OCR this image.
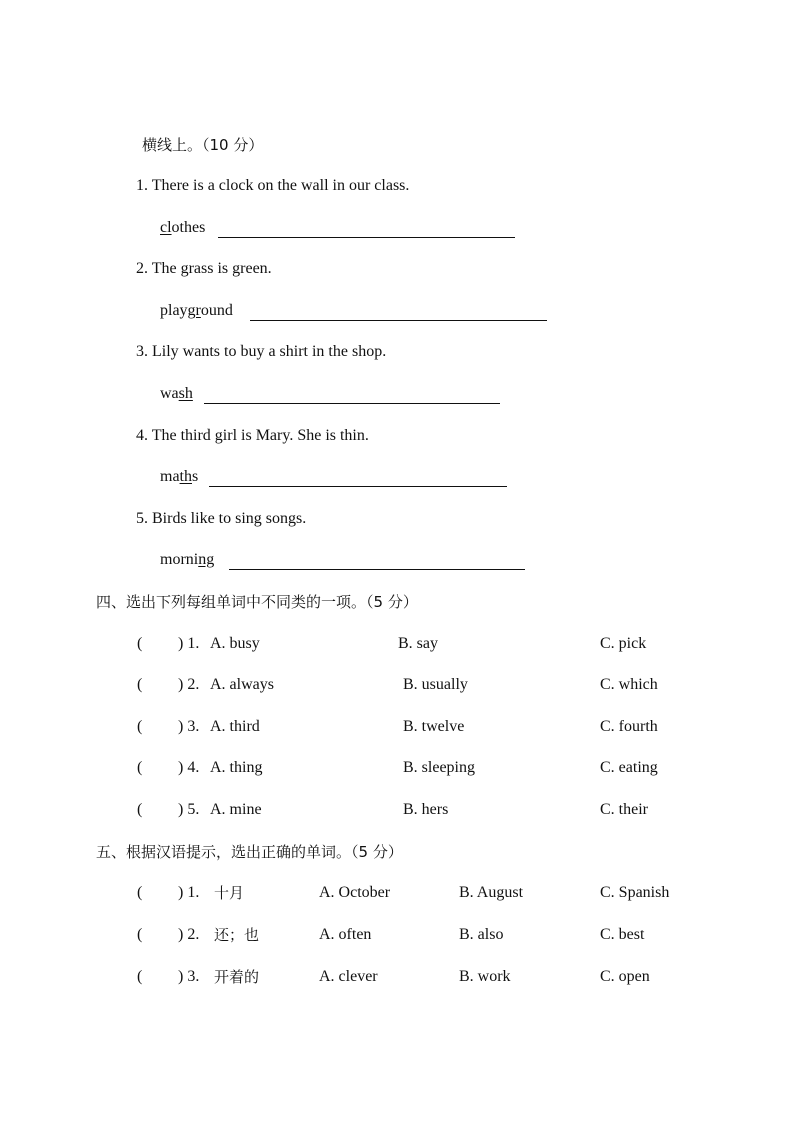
横线上。（10 分）
1. There is a clock on the wall in our class.
clothes
2. The grass is green.
playground
3. Lily wants to buy a shirt in the shop.
wash
4. The third girl is Mary. She is thin.
maths
5. Birds like to sing songs.
morning
四、选出下列每组单词中不同类的一项。（5 分）
( ) 1. A. busy	B. say	C. pick
( ) 2. A. always	B. usually	C. which
( ) 3. A. third	B. twelve	C. fourth
( ) 4. A. thing	B. sleeping	C. eating
( ) 5. A. mine	B. hers	C. their
五、根据汉语提示，选出正确的单词。（5 分）
( ) 1. 十月	A. October	B. August	C. Spanish
( ) 2. 还；也	A. often	B. also	C. best
( ) 3. 开着的	A. clever	B. work	C. open
